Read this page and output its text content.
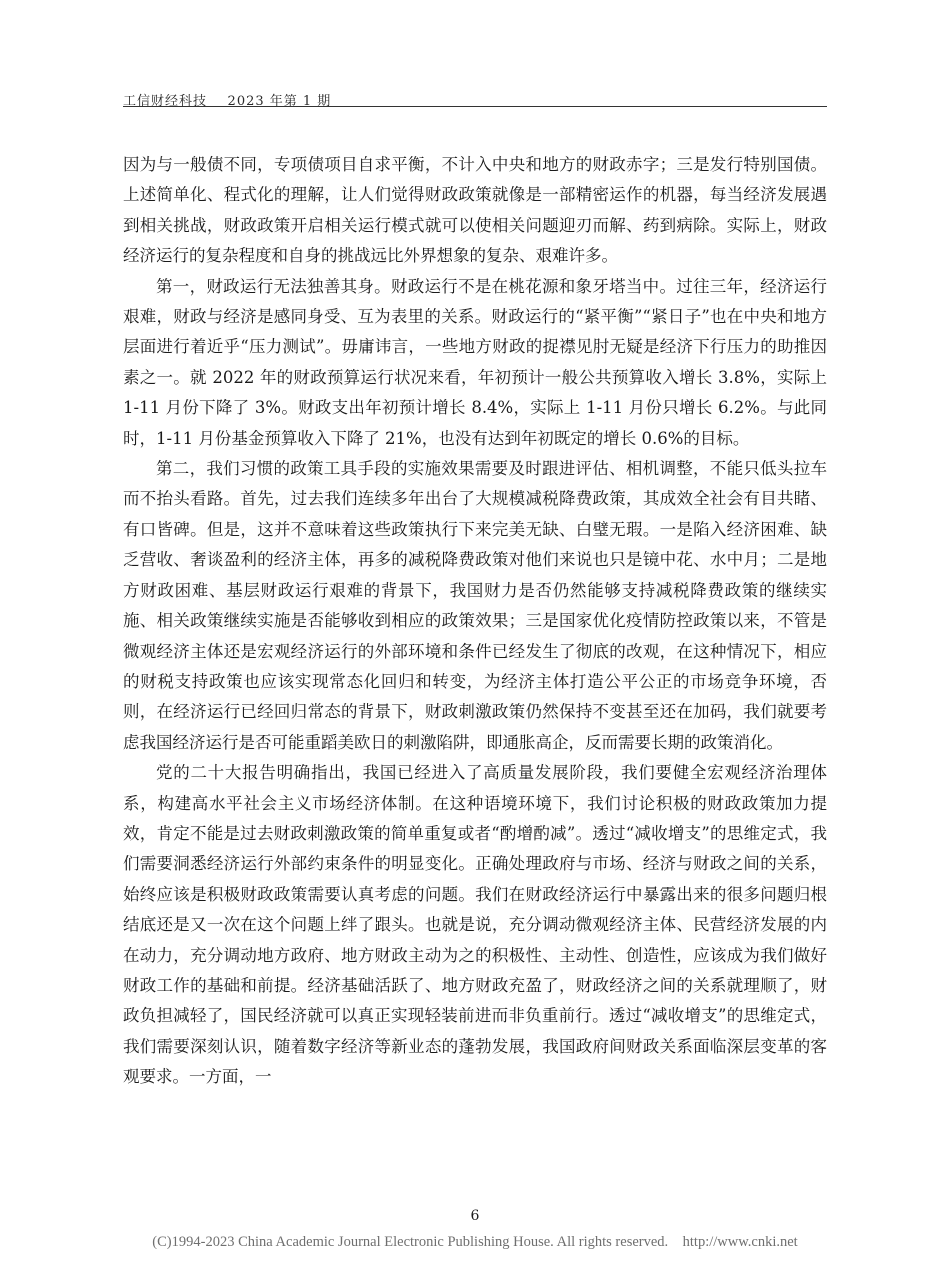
工信财经科技 2023 年第 1 期

因为与一般债不同，专项债项目自求平衡，不计入中央和地方的财政赤字；三是发行特别国债。上述简单化、程式化的理解，让人们觉得财政政策就像是一部精密运作的机器，每当经济发展遇到相关挑战，财政政策开启相关运行模式就可以使相关问题迎刃而解、药到病除。实际上，财政经济运行的复杂程度和自身的挑战远比外界想象的复杂、艰难许多。

第一，财政运行无法独善其身。财政运行不是在桃花源和象牙塔当中。过往三年，经济运行艰难，财政与经济是感同身受、互为表里的关系。财政运行的“紧平衡”“紧日子”也在中央和地方层面进行着近乎“压力测试”。毋庸讳言，一些地方财政的捉襟见肘无疑是经济下行压力的助推因素之一。就 2022 年的财政预算运行状况来看，年初预计一般公共预算收入增长 3.8%，实际上 1-11 月份下降了 3%。财政支出年初预计增长 8.4%，实际上 1-11 月份只增长 6.2%。与此同时，1-11 月份基金预算收入下降了 21%，也没有达到年初既定的增长 0.6%的目标。

第二，我们习惯的政策工具手段的实施效果需要及时跟进评估、相机调整，不能只低头拉车而不抬头看路。首先，过去我们连续多年出台了大规模减税降费政策，其成效全社会有目共睹、有口皆碑。但是，这并不意味着这些政策执行下来完美无缺、白璧无瑕。一是陷入经济困难、缺乏营收、奢谈盈利的经济主体，再多的减税降费政策对他们来说也只是镜中花、水中月；二是地方财政困难、基层财政运行艰难的背景下，我国财力是否仍然能够支持减税降费政策的继续实施、相关政策继续实施是否能够收到相应的政策效果；三是国家优化疫情防控政策以来，不管是微观经济主体还是宏观经济运行的外部环境和条件已经发生了彻底的改观，在这种情况下，相应的财税支持政策也应该实现常态化回归和转变，为经济主体打造公平公正的市场竞争环境，否则，在经济运行已经回归常态的背景下，财政刺激政策仍然保持不变甚至还在加码，我们就要考虑我国经济运行是否可能重蹈美欧日的刺激陷阱，即通胀高企，反而需要长期的政策消化。

党的二十大报告明确指出，我国已经进入了高质量发展阶段，我们要健全宏观经济治理体系，构建高水平社会主义市场经济体制。在这种语境环境下，我们讨论积极的财政政策加力提效，肯定不能是过去财政刺激政策的简单重复或者“酌增酌减”。透过“减收增支”的思维定式，我们需要洞悉经济运行外部约束条件的明显变化。正确处理政府与市场、经济与财政之间的关系，始终应该是积极财政政策需要认真考虑的问题。我们在财政经济运行中暴露出来的很多问题归根结底还是又一次在这个问题上绊了跟头。也就是说，充分调动微观经济主体、民营经济发展的内在动力，充分调动地方政府、地方财政主动为之的积极性、主动性、创造性，应该成为我们做好财政工作的基础和前提。经济基础活跃了、地方财政充盈了，财政经济之间的关系就理顺了，财政负担减轻了，国民经济就可以真正实现轻装前进而非负重前行。透过“减收增支”的思维定式，我们需要深刻认识，随着数字经济等新业态的蓬勃发展，我国政府间财政关系面临深层变革的客观要求。一方面，一

6
(C)1994-2023 China Academic Journal Electronic Publishing House. All rights reserved.    http://www.cnki.net
